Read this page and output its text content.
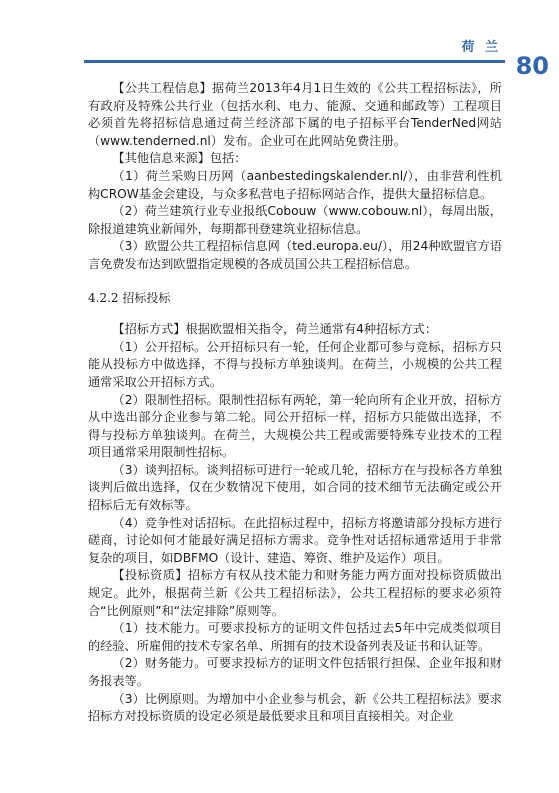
荷 兰
80

【公共工程信息】据荷兰2013年4月1日生效的《公共工程招标法》，所有政府及特殊公共行业（包括水利、电力、能源、交通和邮政等）工程项目必须首先将招标信息通过荷兰经济部下属的电子招标平台TenderNed网站（www.tenderned.nl）发布。企业可在此网站免费注册。

【其他信息来源】包括：

（1）荷兰采购日历网（aanbestedingskalender.nl/），由非营利性机构CROW基金会建设，与众多私营电子招标网站合作，提供大量招标信息。

（2）荷兰建筑行业专业报纸Cobouw（www.cobouw.nl），每周出版，除报道建筑业新闻外，每期都刊登建筑业招标信息。

（3）欧盟公共工程招标信息网（ted.europa.eu/），用24种欧盟官方语言免费发布达到欧盟指定规模的各成员国公共工程招标信息。

4.2.2 招标投标

【招标方式】根据欧盟相关指令，荷兰通常有4种招标方式：

（1）公开招标。公开招标只有一轮，任何企业都可参与竞标，招标方只能从投标方中做选择，不得与投标方单独谈判。在荷兰，小规模的公共工程通常采取公开招标方式。

（2）限制性招标。限制性招标有两轮，第一轮向所有企业开放，招标方从中选出部分企业参与第二轮。同公开招标一样，招标方只能做出选择，不得与投标方单独谈判。在荷兰，大规模公共工程或需要特殊专业技术的工程项目通常采用限制性招标。

（3）谈判招标。谈判招标可进行一轮或几轮，招标方在与投标各方单独谈判后做出选择，仅在少数情况下使用，如合同的技术细节无法确定或公开招标后无有效标等。

（4）竞争性对话招标。在此招标过程中，招标方将邀请部分投标方进行磋商，讨论如何才能最好满足招标方需求。竞争性对话招标通常适用于非常复杂的项目，如DBFMO（设计、建造、筹资、维护及运作）项目。

【投标资质】招标方有权从技术能力和财务能力两方面对投标资质做出规定。此外，根据荷兰新《公共工程招标法》，公共工程招标的要求必须符合“比例原则”和“法定排除”原则等。

（1）技术能力。可要求投标方的证明文件包括过去5年中完成类似项目的经验、所雇佣的技术专家名单、所拥有的技术设备列表及证书和认证等。

（2）财务能力。可要求投标方的证明文件包括银行担保、企业年报和财务报表等。

（3）比例原则。为增加中小企业参与机会，新《公共工程招标法》要求招标方对投标资质的设定必须是最低要求且和项目直接相关。对企业
